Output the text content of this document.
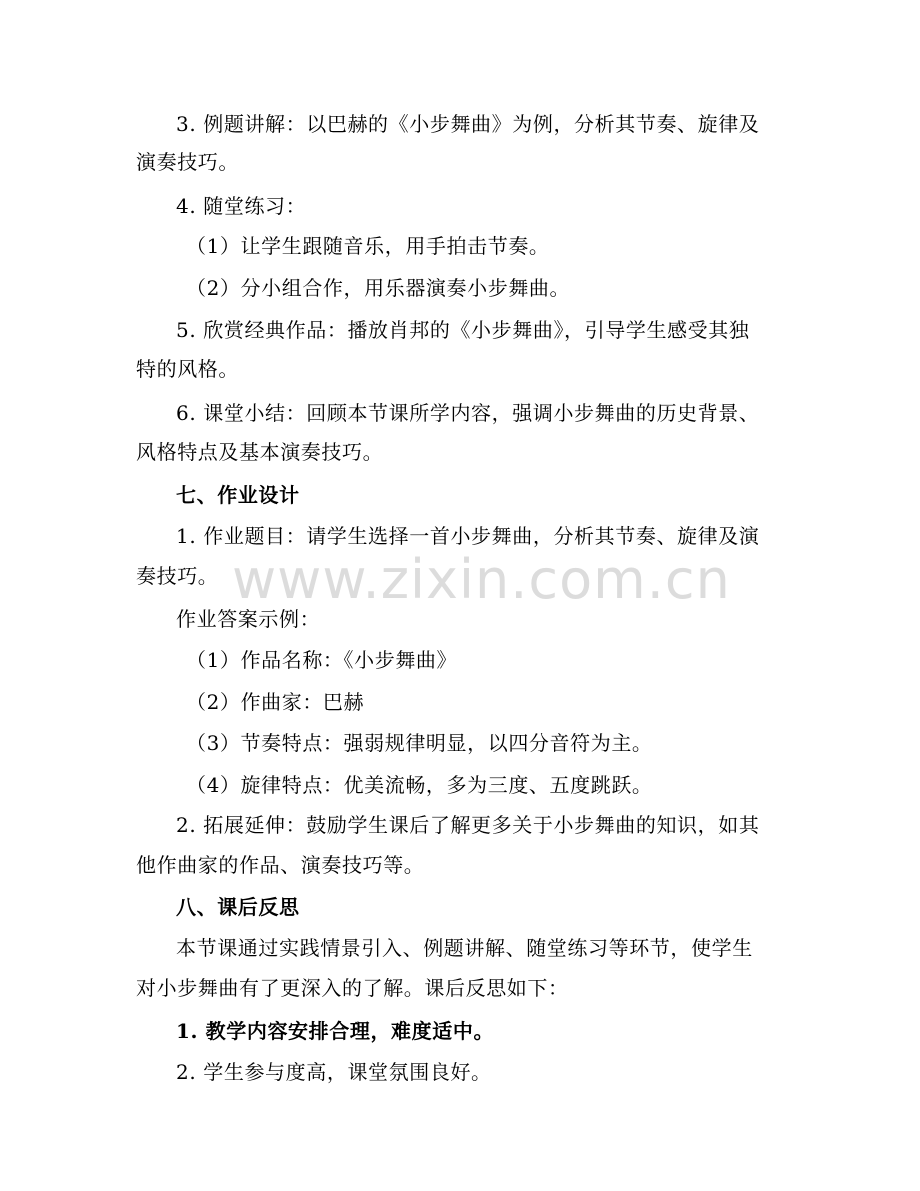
3. 例题讲解：以巴赫的《小步舞曲》为例，分析其节奏、旋律及
演奏技巧。
4. 随堂练习：
（1）让学生跟随音乐，用手拍击节奏。
（2）分小组合作，用乐器演奏小步舞曲。
5. 欣赏经典作品：播放肖邦的《小步舞曲》，引导学生感受其独
特的风格。
6. 课堂小结：回顾本节课所学内容，强调小步舞曲的历史背景、
风格特点及基本演奏技巧。
七、作业设计
1. 作业题目：请学生选择一首小步舞曲，分析其节奏、旋律及演
奏技巧。
作业答案示例：
（1）作品名称：《小步舞曲》
（2）作曲家：巴赫
（3）节奏特点：强弱规律明显，以四分音符为主。
（4）旋律特点：优美流畅，多为三度、五度跳跃。
2. 拓展延伸：鼓励学生课后了解更多关于小步舞曲的知识，如其
他作曲家的作品、演奏技巧等。
八、课后反思
本节课通过实践情景引入、例题讲解、随堂练习等环节，使学生
对小步舞曲有了更深入的了解。课后反思如下：
1. 教学内容安排合理，难度适中。
2. 学生参与度高，课堂氛围良好。
www.zixin.com.cn
